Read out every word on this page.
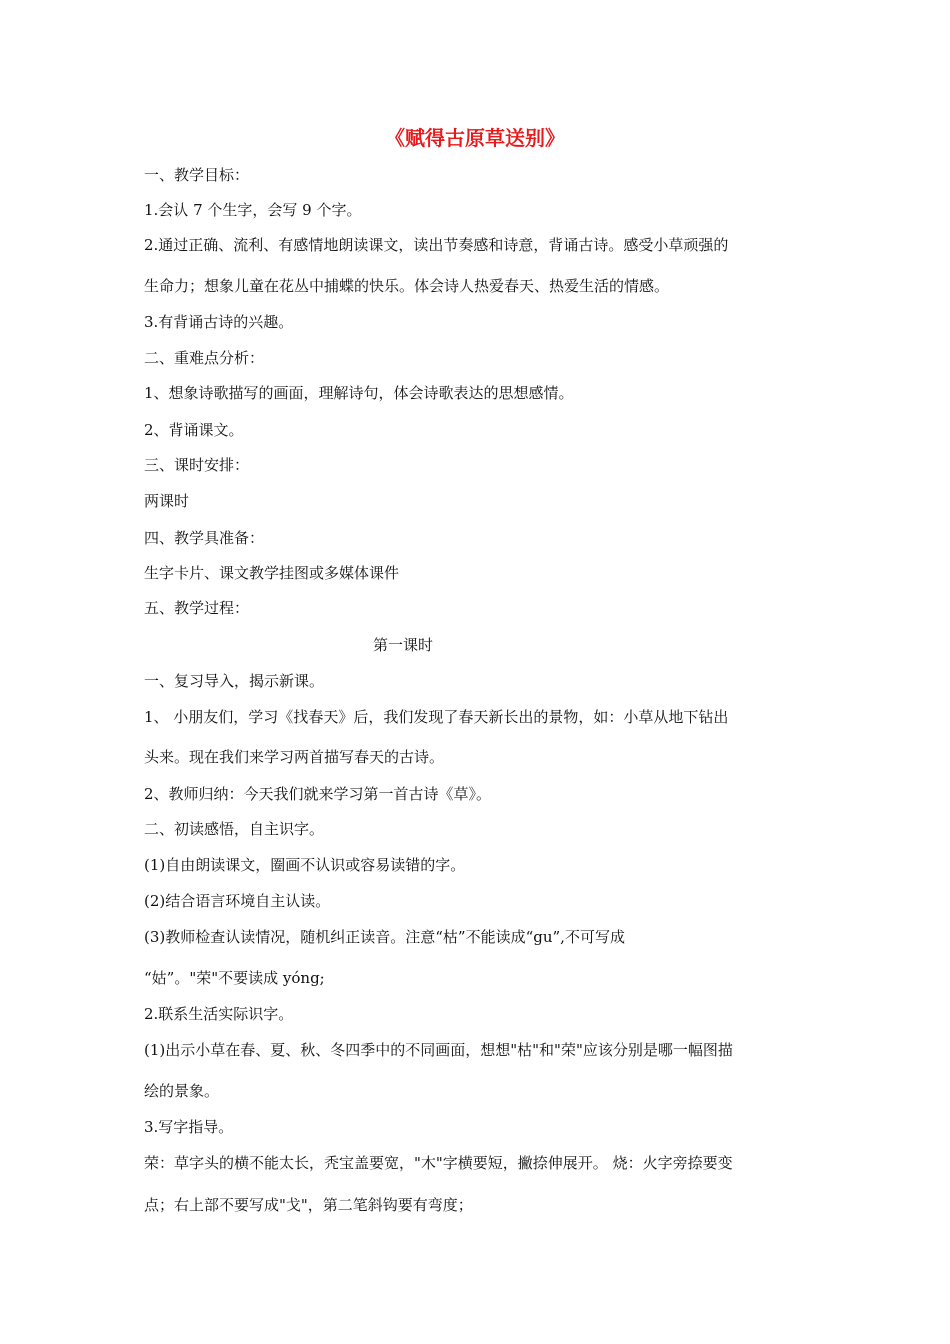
《赋得古原草送别》
一、教学目标：
1.会认 7 个生字，会写 9 个字。
2.通过正确、流利、有感情地朗读课文，读出节奏感和诗意，背诵古诗。感受小草顽强的
生命力；想象儿童在花丛中捕蝶的快乐。体会诗人热爱春天、热爱生活的情感。
3.有背诵古诗的兴趣。
二、重难点分析：
1、想象诗歌描写的画面，理解诗句，体会诗歌表达的思想感情。
2、背诵课文。
三、课时安排：
两课时
四、教学具准备：
生字卡片、课文教学挂图或多媒体课件
五、教学过程：
第一课时
一、复习导入，揭示新课。
1、 小朋友们，学习《找春天》后，我们发现了春天新长出的景物，如：小草从地下钻出
头来。现在我们来学习两首描写春天的古诗。
2、教师归纳：今天我们就来学习第一首古诗《草》。
二、初读感悟，自主识字。
(1)自由朗读课文，圈画不认识或容易读错的字。
(2)结合语言环境自主认读。
(3)教师检查认读情况，随机纠正读音。注意“枯”不能读成“gu”,不可写成
“姑”。"荣"不要读成 yóng;
2.联系生活实际识字。
(1)出示小草在春、夏、秋、冬四季中的不同画面，想想"枯"和"荣"应该分别是哪一幅图描
绘的景象。
3.写字指导。
荣：草字头的横不能太长，秃宝盖要宽，"木"字横要短，撇捺伸展开。 烧：火字旁捺要变
点；右上部不要写成"戈"，第二笔斜钩要有弯度；
